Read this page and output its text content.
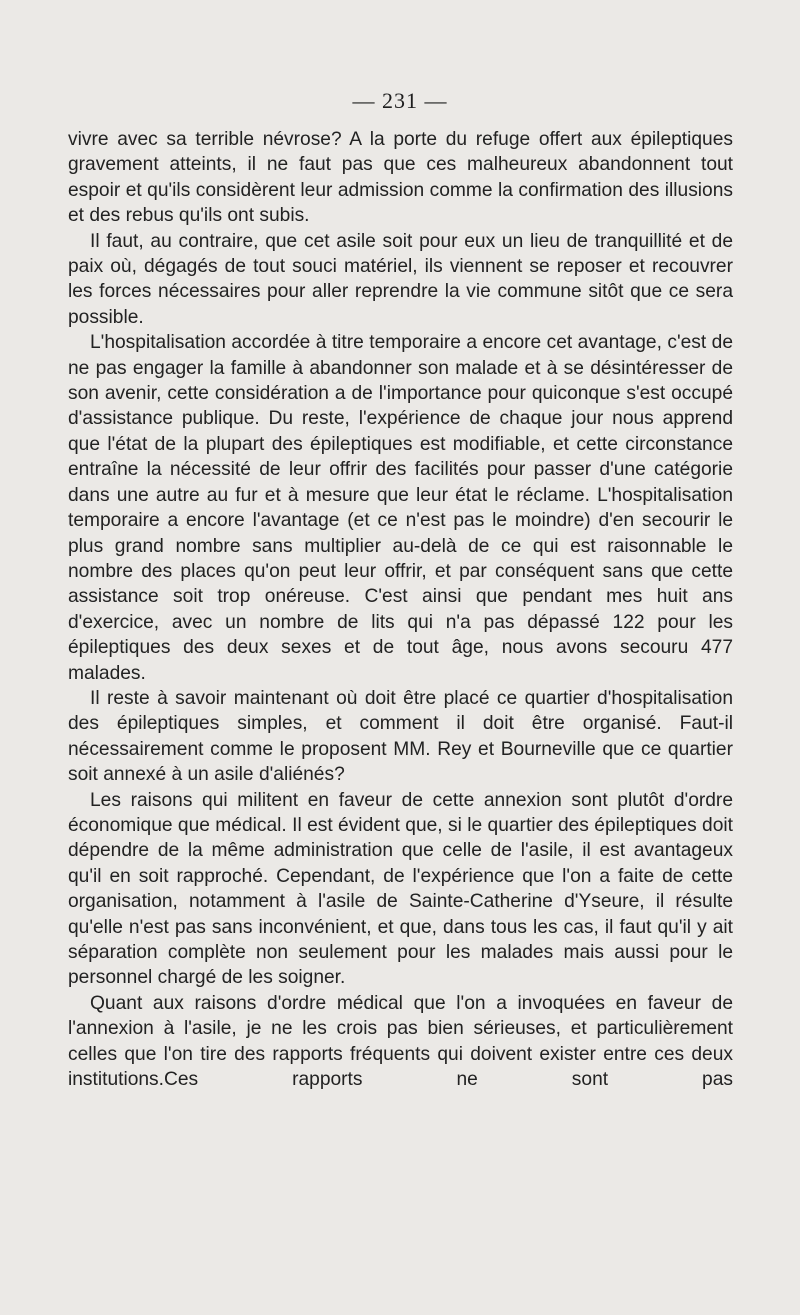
— 231 —

vivre avec sa terrible névrose? A la porte du refuge offert aux épileptiques gravement atteints, il ne faut pas que ces malheureux abandonnent tout espoir et qu'ils considèrent leur admission comme la confirmation des illusions et des rebus qu'ils ont subis.

Il faut, au contraire, que cet asile soit pour eux un lieu de tranquillité et de paix où, dégagés de tout souci matériel, ils viennent se reposer et recouvrer les forces nécessaires pour aller reprendre la vie commune sitôt que ce sera possible.

L'hospitalisation accordée à titre temporaire a encore cet avantage, c'est de ne pas engager la famille à abandonner son malade et à se désintéresser de son avenir, cette considération a de l'importance pour quiconque s'est occupé d'assistance publique. Du reste, l'expérience de chaque jour nous apprend que l'état de la plupart des épileptiques est modifiable, et cette circonstance entraîne la nécessité de leur offrir des facilités pour passer d'une catégorie dans une autre au fur et à mesure que leur état le réclame. L'hospitalisation temporaire a encore l'avantage (et ce n'est pas le moindre) d'en secourir le plus grand nombre sans multiplier au-delà de ce qui est raisonnable le nombre des places qu'on peut leur offrir, et par conséquent sans que cette assistance soit trop onéreuse. C'est ainsi que pendant mes huit ans d'exercice, avec un nombre de lits qui n'a pas dépassé 122 pour les épileptiques des deux sexes et de tout âge, nous avons secouru 477 malades.

Il reste à savoir maintenant où doit être placé ce quartier d'hospitalisation des épileptiques simples, et comment il doit être organisé. Faut-il nécessairement comme le proposent MM. Rey et Bourneville que ce quartier soit annexé à un asile d'aliénés?

Les raisons qui militent en faveur de cette annexion sont plutôt d'ordre économique que médical. Il est évident que, si le quartier des épileptiques doit dépendre de la même administration que celle de l'asile, il est avantageux qu'il en soit rapproché. Cependant, de l'expérience que l'on a faite de cette organisation, notamment à l'asile de Sainte-Catherine d'Yseure, il résulte qu'elle n'est pas sans inconvénient, et que, dans tous les cas, il faut qu'il y ait séparation complète non seulement pour les malades mais aussi pour le personnel chargé de les soigner.

Quant aux raisons d'ordre médical que l'on a invoquées en faveur de l'annexion à l'asile, je ne les crois pas bien sérieuses, et particulièrement celles que l'on tire des rapports fréquents qui doivent exister entre ces deux institutions.Ces rapports ne sont pas
